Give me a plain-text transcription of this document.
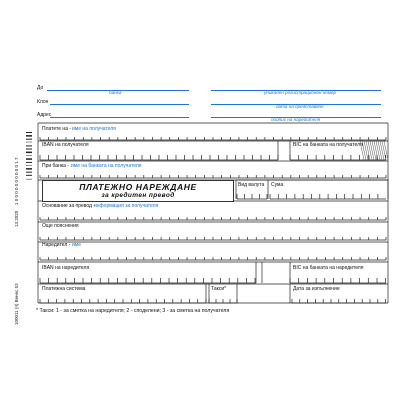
До
банка
Клон
Адрес
уникален регистрационен номер
дата на представяне
подпис на наредителя
1 0 0 0 0 0 0 0 0 0 0 1 7
13.2020
100011 (II) Венес 53
Платете на - име на получателя
IBAN на получателя	BIC на банката на получателя
При банка - име на банката на получателя
ПЛАТЕЖНО НАРЕЖДАНЕ
за кредитен превод
Вид валута Сума
Основание за превод -
информация за получателя
Още пояснения
Наредител - име
IBAN на наредителя	BIC на банката на наредителя
Платежна система	Такси*	Дата за изпълнение
* Такси: 1 - за сметка на наредителя; 2 - споделени; 3 - за сметка на получателя
